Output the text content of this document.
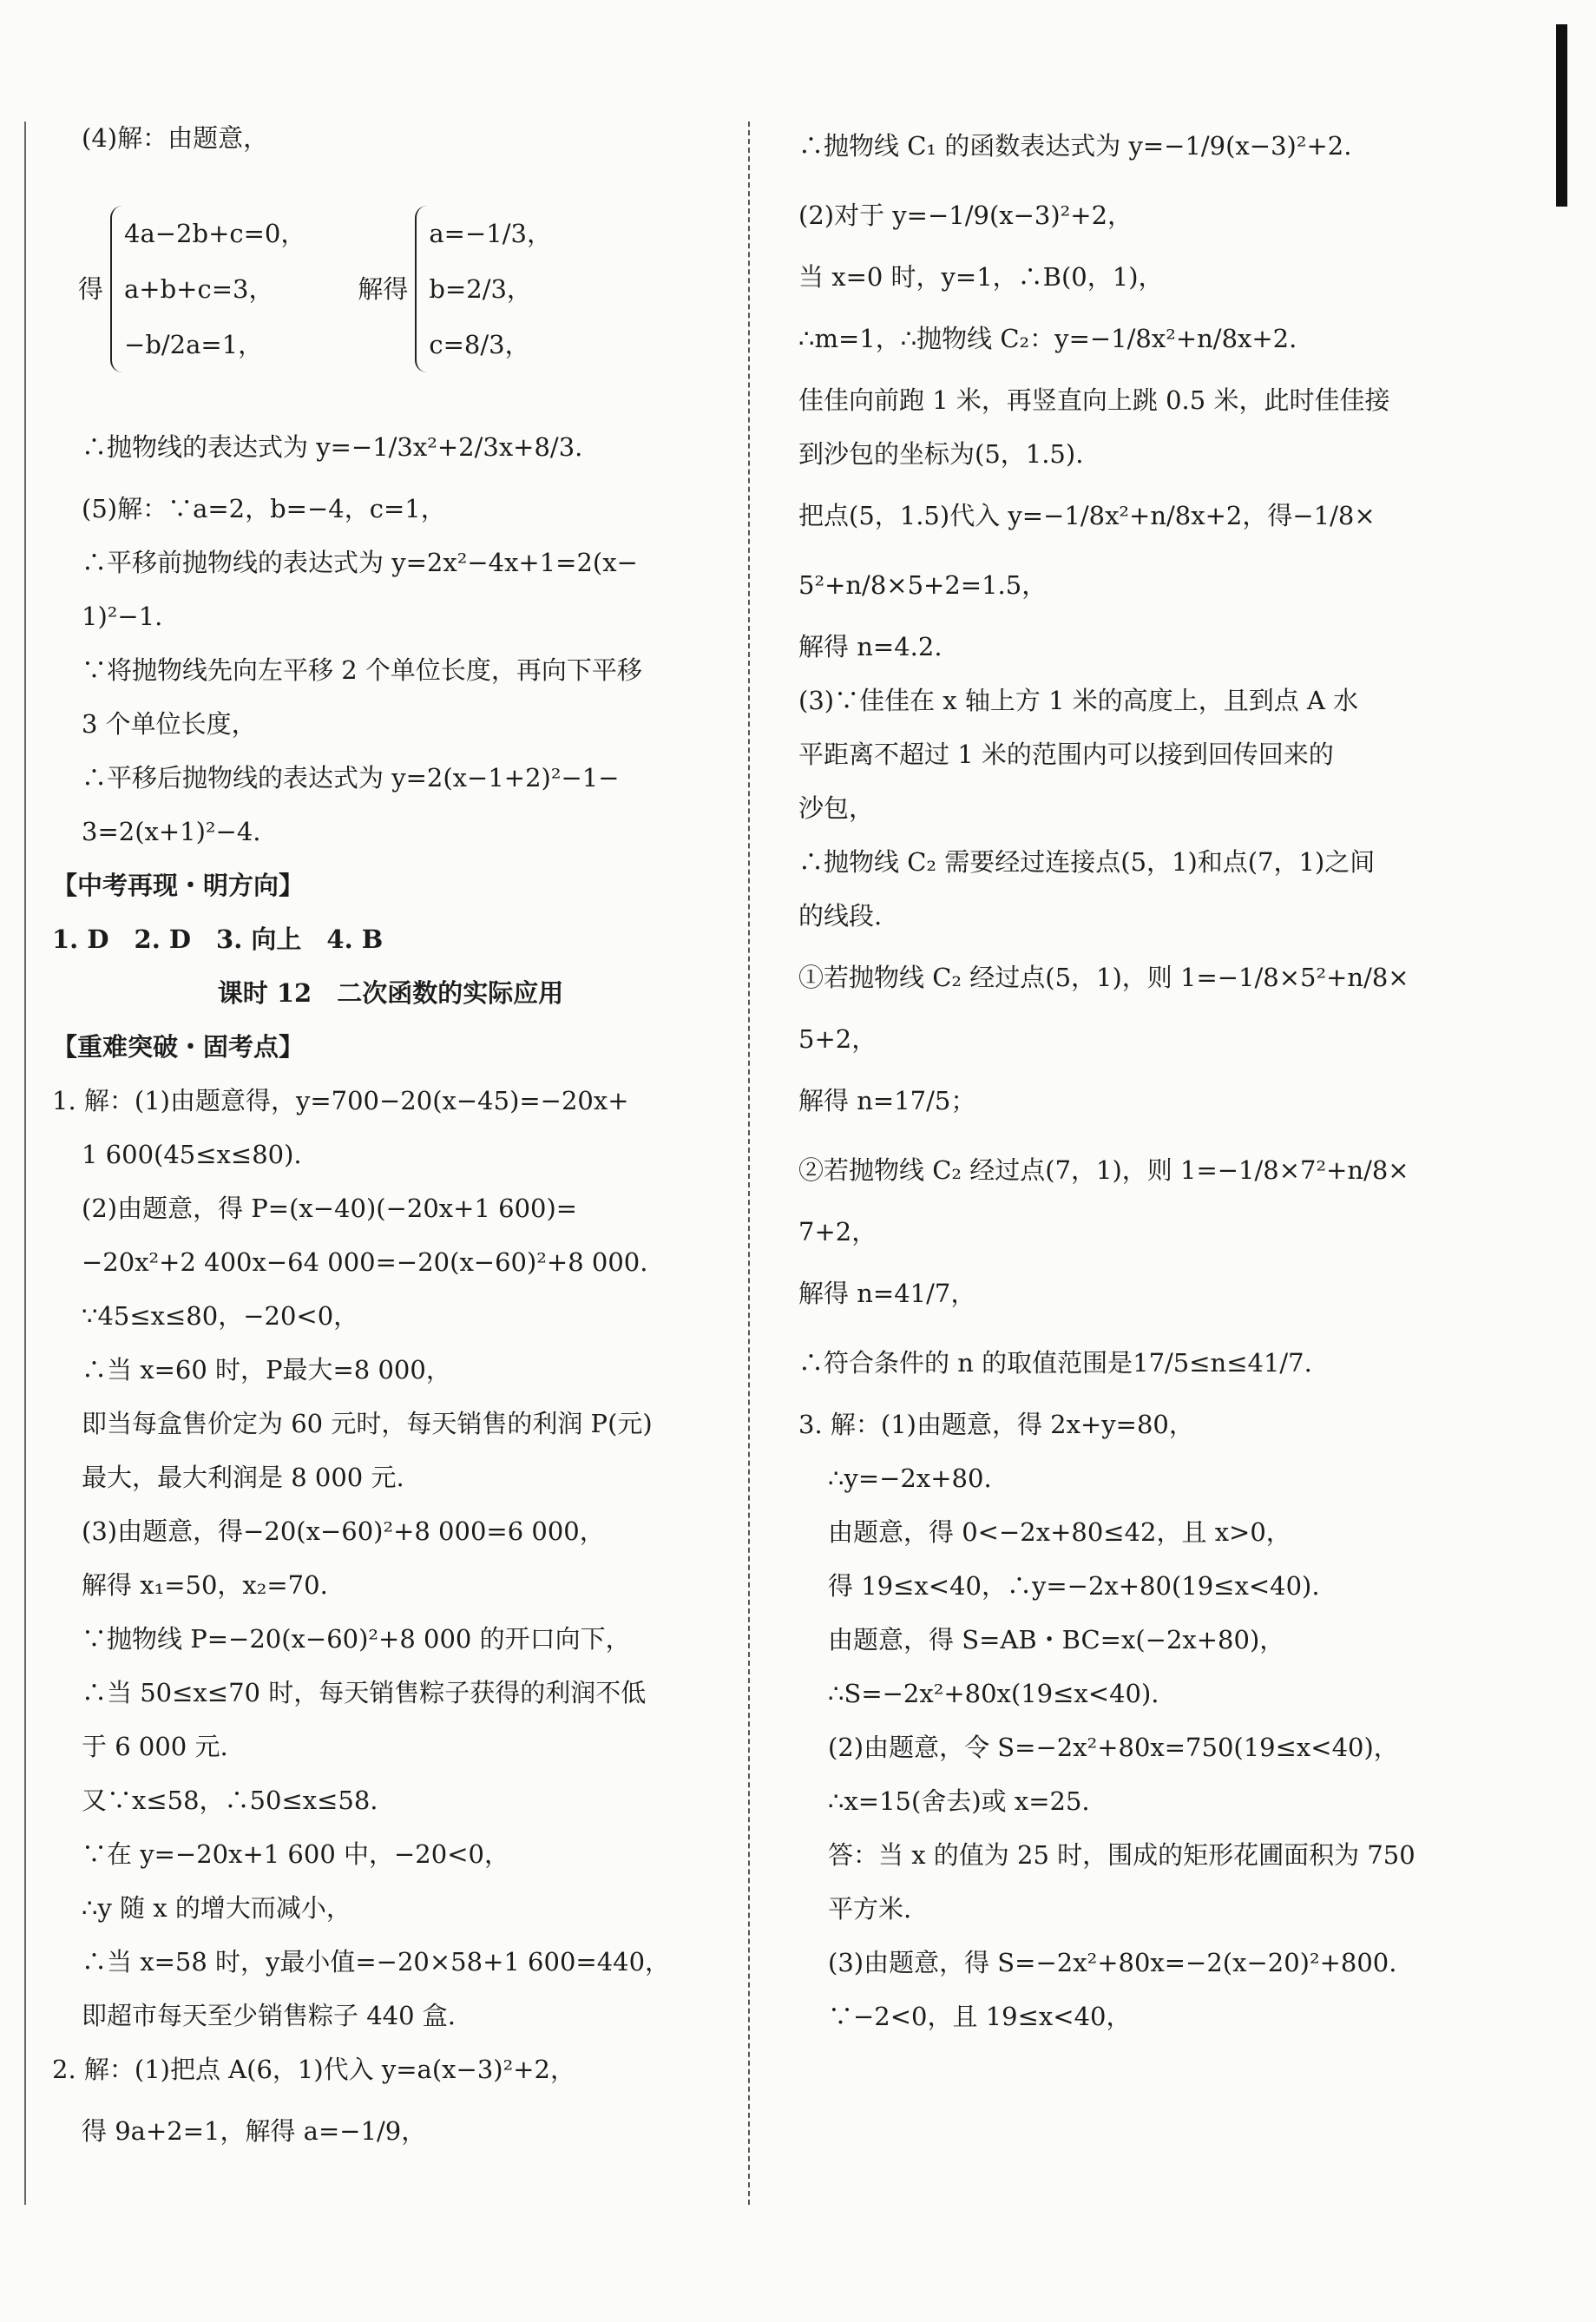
(4)解：由题意，

得
4a−2b+c=0，
a+b+c=3，
−b/2a=1，
解得
a=−1/3，
b=2/3，
c=8/3，

∴抛物线的表达式为 y=−1/3x²+2/3x+8/3.

(5)解：∵a=2，b=−4，c=1，

∴平移前抛物线的表达式为 y=2x²−4x+1=2(x−

1)²−1.

∵将抛物线先向左平移 2 个单位长度，再向下平移

3 个单位长度，

∴平移后抛物线的表达式为 y=2(x−1+2)²−1−

3=2(x+1)²−4.

【中考再现・明方向】

1. D　2. D　3. 向上　4. B

课时 12　二次函数的实际应用

【重难突破・固考点】

1. 解：(1)由题意得，y=700−20(x−45)=−20x+

1 600(45≤x≤80).

(2)由题意，得 P=(x−40)(−20x+1 600)=

−20x²+2 400x−64 000=−20(x−60)²+8 000.

∵45≤x≤80，−20<0，

∴当 x=60 时，P最大=8 000，

即当每盒售价定为 60 元时，每天销售的利润 P(元)

最大，最大利润是 8 000 元.

(3)由题意，得−20(x−60)²+8 000=6 000，

解得 x₁=50，x₂=70.

∵抛物线 P=−20(x−60)²+8 000 的开口向下，

∴当 50≤x≤70 时，每天销售粽子获得的利润不低

于 6 000 元.

又∵x≤58，∴50≤x≤58.

∵在 y=−20x+1 600 中，−20<0，

∴y 随 x 的增大而减小，

∴当 x=58 时，y最小值=−20×58+1 600=440，

即超市每天至少销售粽子 440 盒.

2. 解：(1)把点 A(6，1)代入 y=a(x−3)²+2，

得 9a+2=1，解得 a=−1/9，

∴抛物线 C₁ 的函数表达式为 y=−1/9(x−3)²+2.

(2)对于 y=−1/9(x−3)²+2，

当 x=0 时，y=1，∴B(0，1)，

∴m=1，∴抛物线 C₂：y=−1/8x²+n/8x+2.

佳佳向前跑 1 米，再竖直向上跳 0.5 米，此时佳佳接

到沙包的坐标为(5，1.5).

把点(5，1.5)代入 y=−1/8x²+n/8x+2，得−1/8×

5²+n/8×5+2=1.5，

解得 n=4.2.

(3)∵佳佳在 x 轴上方 1 米的高度上，且到点 A 水

平距离不超过 1 米的范围内可以接到回传回来的

沙包，

∴抛物线 C₂ 需要经过连接点(5，1)和点(7，1)之间

的线段.

①若抛物线 C₂ 经过点(5，1)，则 1=−1/8×5²+n/8×

5+2，

解得 n=17/5；

②若抛物线 C₂ 经过点(7，1)，则 1=−1/8×7²+n/8×

7+2，

解得 n=41/7，

∴符合条件的 n 的取值范围是17/5≤n≤41/7.

3. 解：(1)由题意，得 2x+y=80，

∴y=−2x+80.

由题意，得 0<−2x+80≤42，且 x>0，

得 19≤x<40，∴y=−2x+80(19≤x<40).

由题意，得 S=AB・BC=x(−2x+80)，

∴S=−2x²+80x(19≤x<40).

(2)由题意，令 S=−2x²+80x=750(19≤x<40)，

∴x=15(舍去)或 x=25.

答：当 x 的值为 25 时，围成的矩形花圃面积为 750

平方米.

(3)由题意，得 S=−2x²+80x=−2(x−20)²+800.

∵−2<0，且 19≤x<40，
